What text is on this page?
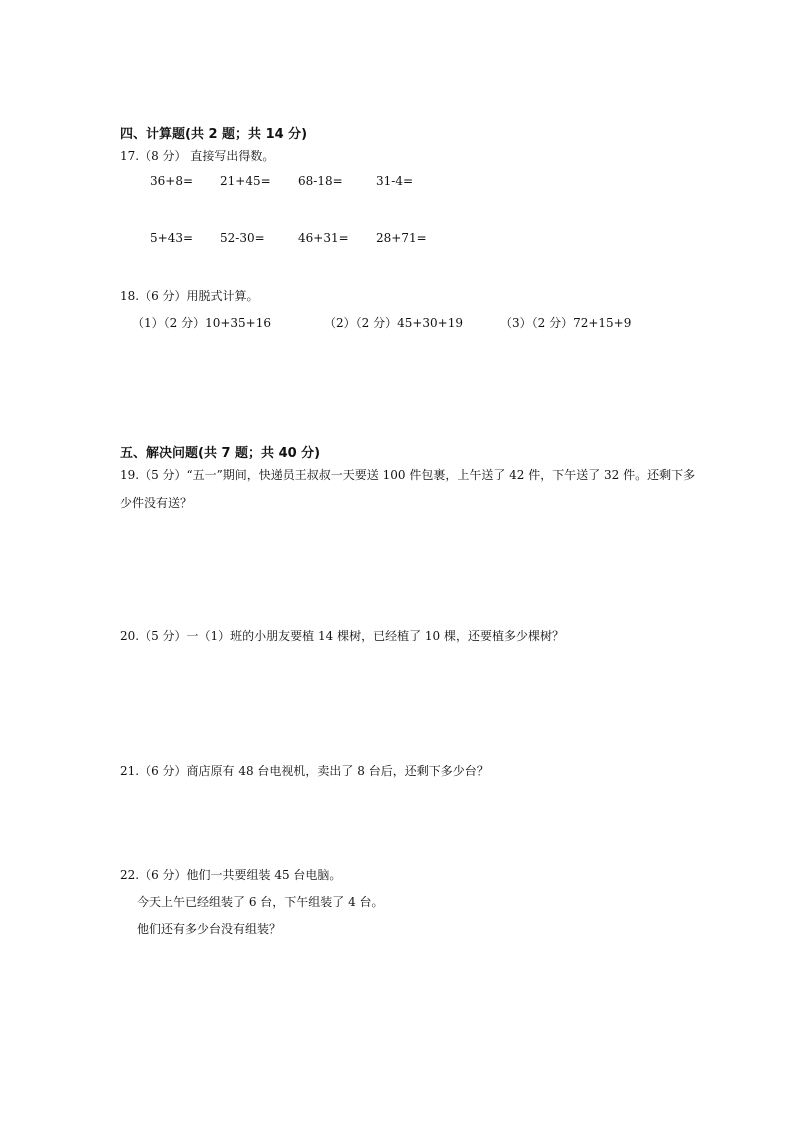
四、计算题(共 2 题；共 14 分)
17.（8 分） 直接写出得数。
36+8= 21+45= 68-18=	31-4=
5+43= 52-30=	46+31= 28+71=
18.（6 分）用脱式计算。
（1）（2 分）10+35+16	（2）（2 分）45+30+19	（3）（2 分）72+15+9
五、解决问题(共 7 题；共 40 分)
19.（5 分）“五一”期间，快递员王叔叔一天要送 100 件包裹，上午送了 42 件，下午送了 32 件。还剩下多
少件没有送？
20.（5 分）一（1）班的小朋友要植 14 棵树，已经植了 10 棵，还要植多少棵树？
21.（6 分）商店原有 48 台电视机，卖出了 8 台后，还剩下多少台？
22.（6 分）他们一共要组装 45 台电脑。
今天上午已经组装了 6 台，下午组装了 4 台。
他们还有多少台没有组装？
